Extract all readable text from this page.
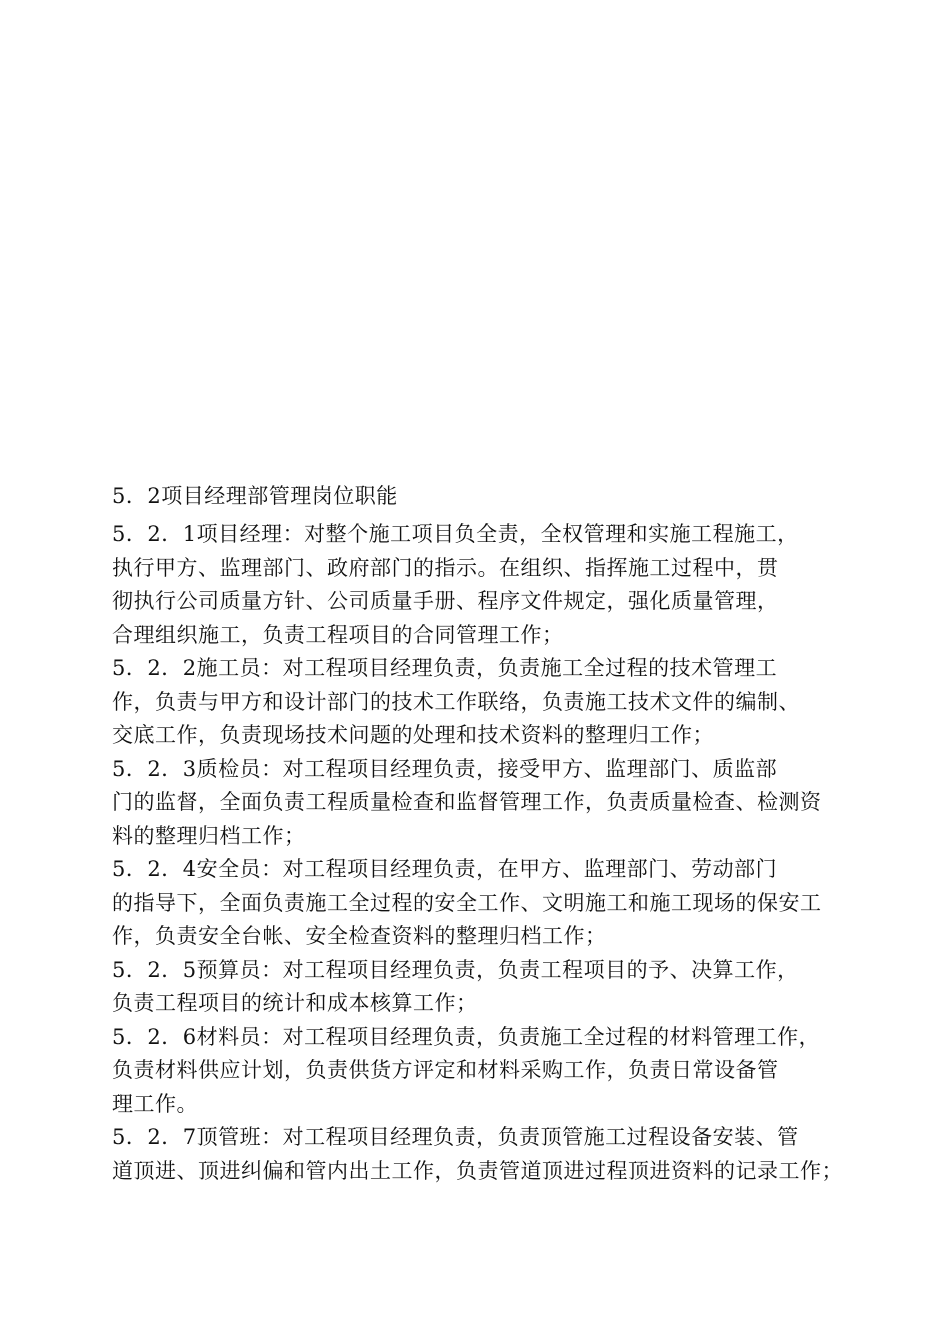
5．2项目经理部管理岗位职能
5．2．1项目经理：对整个施工项目负全责，全权管理和实施工程施工，
执行甲方、监理部门、政府部门的指示。在组织、指挥施工过程中，贯
彻执行公司质量方针、公司质量手册、程序文件规定，强化质量管理，
合理组织施工，负责工程项目的合同管理工作；
5．2．2施工员：对工程项目经理负责，负责施工全过程的技术管理工
作，负责与甲方和设计部门的技术工作联络，负责施工技术文件的编制、
交底工作，负责现场技术问题的处理和技术资料的整理归工作；
5．2．3质检员：对工程项目经理负责，接受甲方、监理部门、质监部
门的监督，全面负责工程质量检查和监督管理工作，负责质量检查、检测资
料的整理归档工作；
5．2．4安全员：对工程项目经理负责，在甲方、监理部门、劳动部门
的指导下，全面负责施工全过程的安全工作、文明施工和施工现场的保安工
作，负责安全台帐、安全检查资料的整理归档工作；
5．2．5预算员：对工程项目经理负责，负责工程项目的予、决算工作，
负责工程项目的统计和成本核算工作；
5．2．6材料员：对工程项目经理负责，负责施工全过程的材料管理工作，
负责材料供应计划，负责供货方评定和材料采购工作，负责日常设备管
理工作。
5．2．7顶管班：对工程项目经理负责，负责顶管施工过程设备安装、管
道顶进、顶进纠偏和管内出土工作，负责管道顶进过程顶进资料的记录工作；
